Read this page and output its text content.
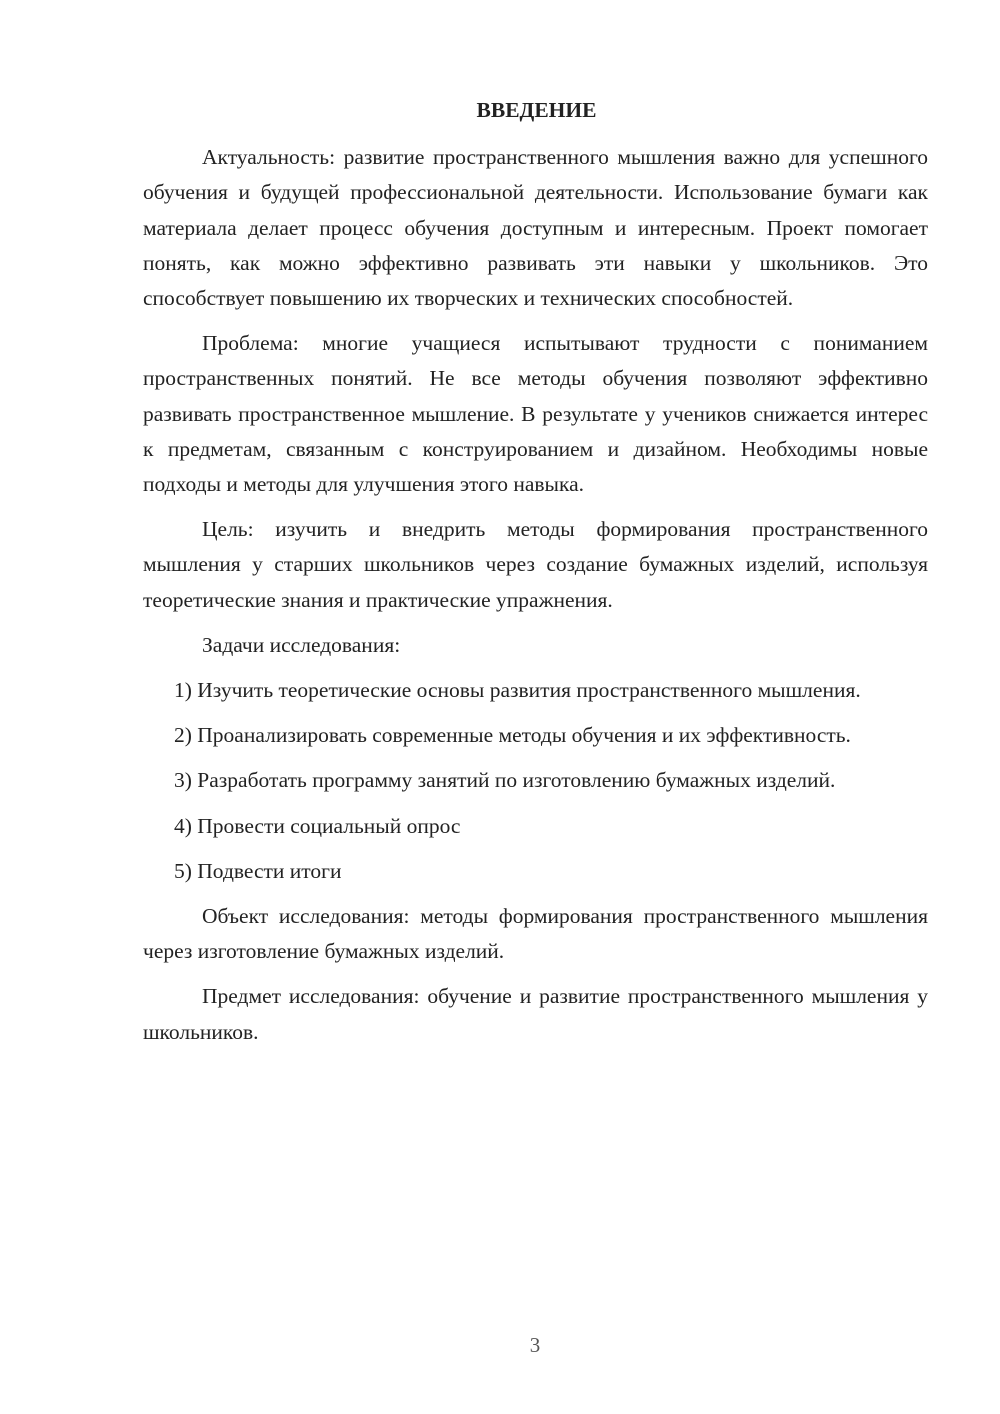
ВВЕДЕНИЕ

Актуальность: развитие пространственного мышления важно для успешного обучения и будущей профессиональной деятельности. Использование бумаги как материала делает процесс обучения доступным и интересным. Проект помогает понять, как можно эффективно развивать эти навыки у школьников. Это способствует повышению их творческих и технических способностей.

Проблема: многие учащиеся испытывают трудности с пониманием пространственных понятий. Не все методы обучения позволяют эффективно развивать пространственное мышление. В результате у учеников снижается интерес к предметам, связанным с конструированием и дизайном. Необходимы новые подходы и методы для улучшения этого навыка.

Цель: изучить и внедрить методы формирования пространственного мышления у старших школьников через создание бумажных изделий, используя теоретические знания и практические упражнения.

Задачи исследования:

1) Изучить теоретические основы развития пространственного мышления.

2) Проанализировать современные методы обучения и их эффективность.

3) Разработать программу занятий по изготовлению бумажных изделий.

4) Провести социальный опрос

5) Подвести итоги

Объект исследования: методы формирования пространственного мышления через изготовление бумажных изделий.

Предмет исследования: обучение и развитие пространственного мышления у школьников.

3
